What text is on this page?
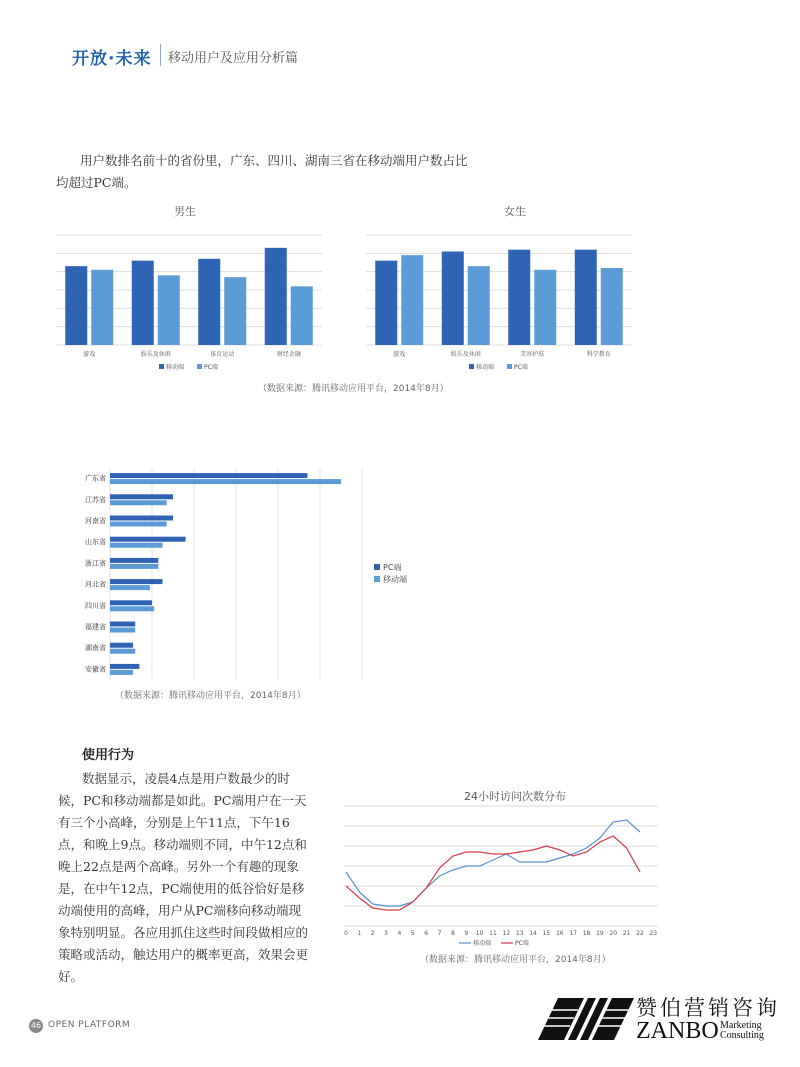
开放·未来 移动用户及应用分析篇
用户数排名前十的省份里，广东、四川、湖南三省在移动端用户数占比均超过PC端。
男生
游戏	娱乐及休闲	体育运动	财经金融
移动端	PC端
女生
游戏	娱乐及休闲	美容护肤	科学教育
移动端	PC端
（数据来源：腾讯移动应用平台，2014年8月）
广东省
江苏省
河南省
山东省
浙江省
河北省
四川省
福建省
湖南省
安徽省
PC端
移动端
（数据来源：腾讯移动应用平台，2014年8月）
使用行为
数据显示，凌晨4点是用户数最少的时候，PC和移动端都是如此。PC端用户在一天有三个小高峰，分别是上午11点，下午16点，和晚上9点。移动端则不同，中午12点和晚上22点是两个高峰。另外一个有趣的现象是，在中午12点，PC端使用的低谷恰好是移动端使用的高峰，用户从PC端移向移动端现象特别明显。各应用抓住这些时间段做相应的策略或活动，触达用户的概率更高，效果会更好。
24小时访问次数分布
0 1 2 3 4 5 6 7 8 9 10 11 12 13 14 15 16 17 18 19 20 21 22 23
移动端	PC端
（数据来源：腾讯移动应用平台，2014年8月）
46 OPEN PLATFORM
赞伯营销咨询
ZANBO Marketing
Consulting
